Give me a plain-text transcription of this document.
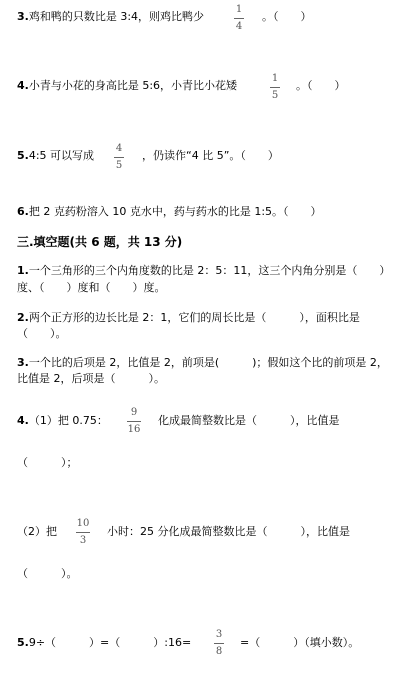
3.鸡和鸭的只数比是 3:4，则鸡比鸭少
1
4
。（　　）
4.小青与小花的身高比是 5:6，小青比小花矮
1
5
。（　　）
5.4:5 可以写成
4
5
，仍读作“4 比 5”。（　　）
6.把 2 克药粉溶入 10 克水中，药与药水的比是 1:5。（　　）
三.填空题(共 6 题，共 13 分)
1.一个三角形的三个内角度数的比是 2：5：11，这三个内角分别是（　　）
度、（　　）度和（　　）度。
2.两个正方形的边长比是 2：1，它们的周长比是（　　　），面积比是
（　　）。
3.一个比的后项是 2，比值是 2，前项是(　　　)；假如这个比的前项是 2，
比值是 2，后项是（　　　）。
4.（1）把 0.75：
9
16
化成最简整数比是（　　　），比值是
（　　　）；
（2）把
10
3
小时：25 分化成最简整数比是（　　　），比值是
（　　　）。
5.9÷（　　　）=（　　　）:16=
3
8
=（　　　）（填小数）。
